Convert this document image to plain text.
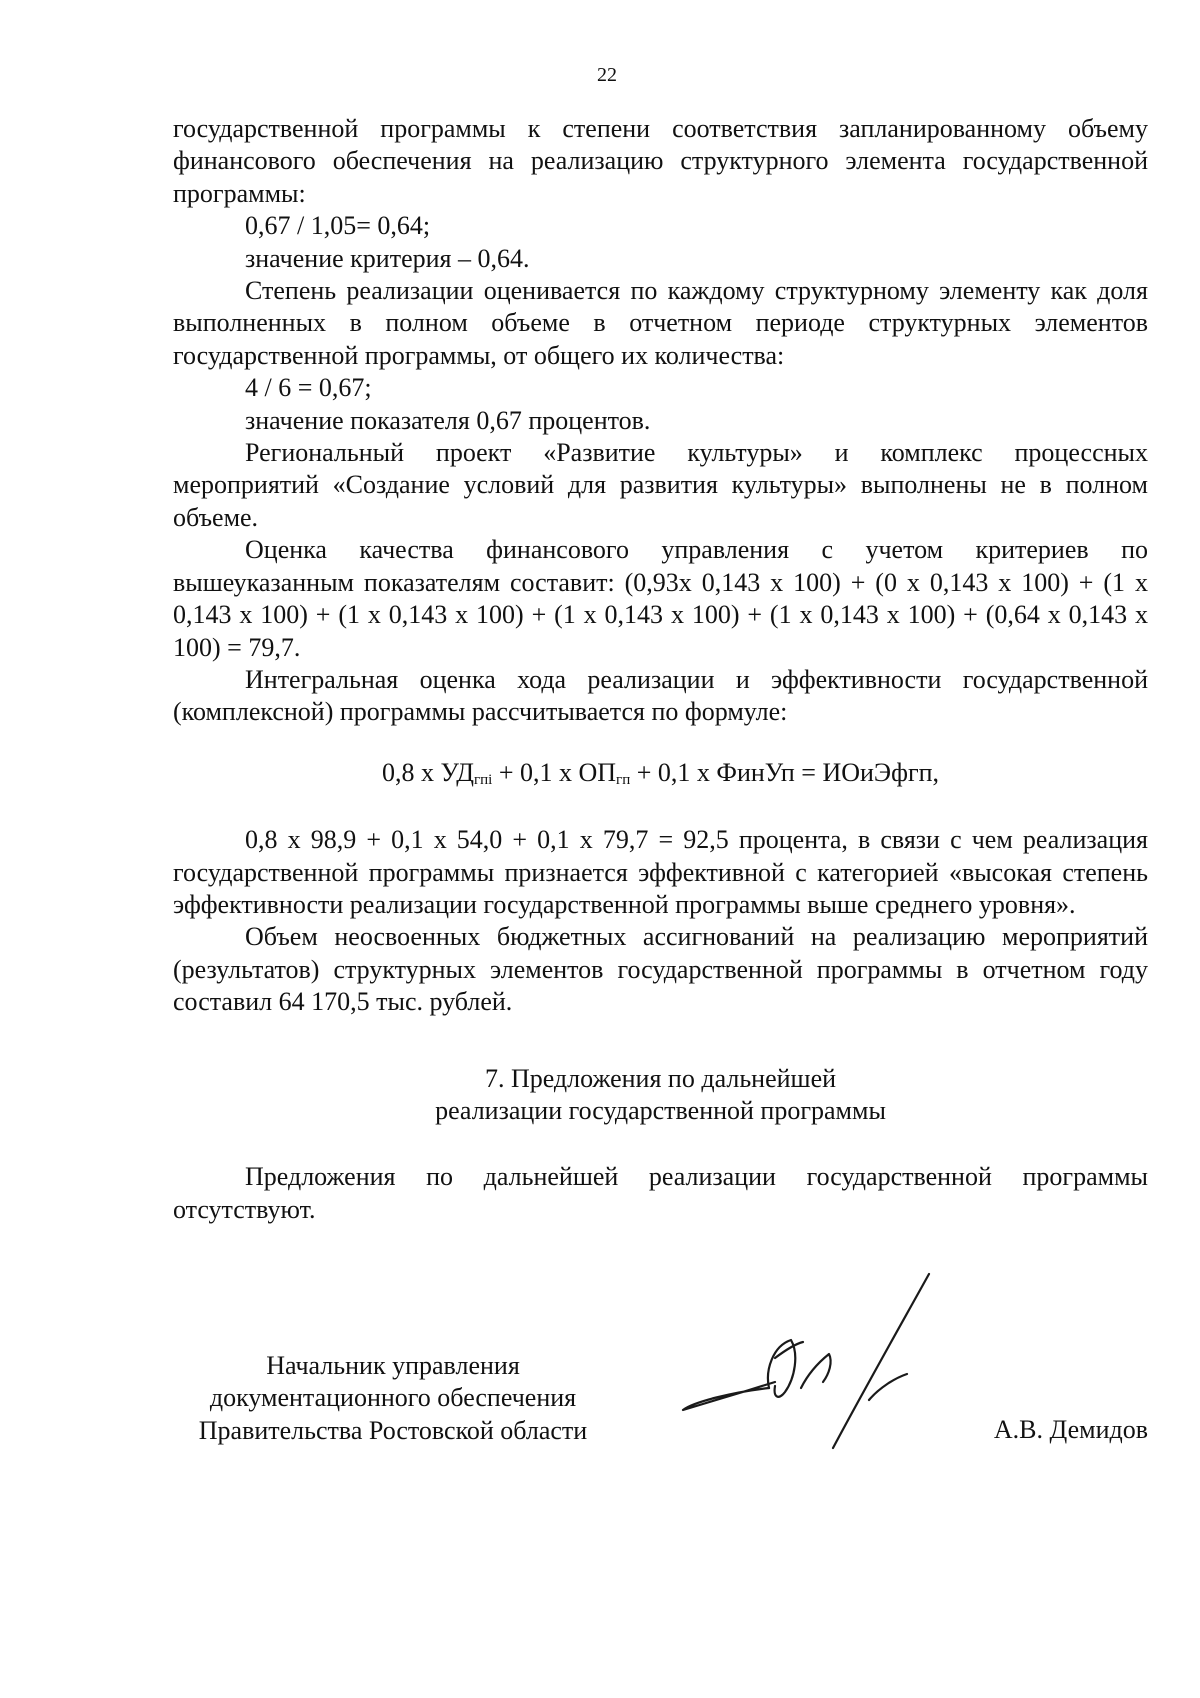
22

государственной программы к степени соответствия запланированному объему финансового обеспечения на реализацию структурного элемента государственной программы:

0,67 / 1,05= 0,64;

значение критерия – 0,64.

Степень реализации оценивается по каждому структурному элементу как доля выполненных в полном объеме в отчетном периоде структурных элементов государственной программы, от общего их количества:

4 / 6 = 0,67;

значение показателя 0,67 процентов.

Региональный проект «Развитие культуры» и комплекс процессных мероприятий «Создание условий для развития культуры» выполнены не в полном объеме.

Оценка качества финансового управления с учетом критериев по вышеуказанным показателям составит: (0,93х 0,143 х 100) + (0 х 0,143 х 100) + (1 х 0,143 х 100) + (1 х 0,143 х 100) + (1 х 0,143 х 100) + (1 х 0,143 х 100) + (0,64 х 0,143 х 100) = 79,7.

Интегральная оценка хода реализации и эффективности государственной (комплексной) программы рассчитывается по формуле:

0,8 х $УД_{гпi} + 0,1$ х $ОП_{гп} + 0,1$ х ФинУп = ИОиЭфгп,

0,8 х 98,9 + 0,1 х 54,0 + 0,1 х 79,7 = 92,5 процента, в связи с чем реализация государственной программы признается эффективной с категорией «высокая степень эффективности реализации государственной программы выше среднего уровня».

Объем неосвоенных бюджетных ассигнований на реализацию мероприятий (результатов) структурных элементов государственной программы в отчетном году составил 64 170,5 тыс. рублей.

7. Предложения по дальнейшей
реализации государственной программы

Предложения по дальнейшей реализации государственной программы отсутствуют.

Начальник управления
документационного обеспечения
Правительства Ростовской области	А.В. Демидов
